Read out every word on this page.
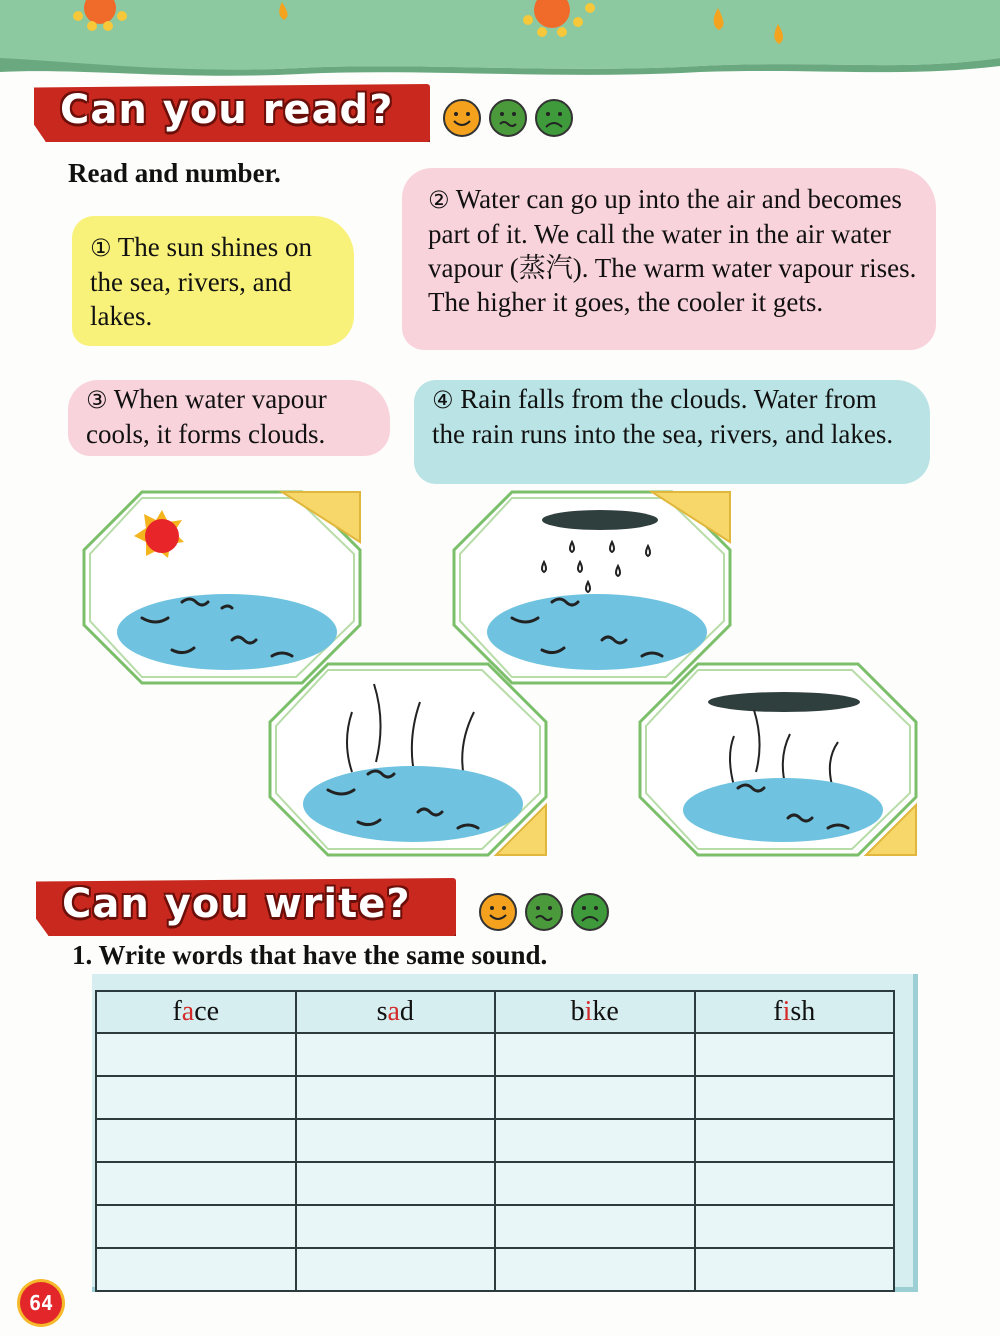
Can you read?
Read and number.
① The sun shines on the sea, rivers, and lakes.
② Water can go up into the air and becomes part of it. We call the water in the air water vapour (蒸汽). The warm water vapour rises. The higher it goes, the cooler it gets.
③ When water vapour cools, it forms clouds.
④ Rain falls from the clouds. Water from the rain runs into the sea, rivers, and lakes.
Can you write?
1. Write words that have the same sound.
face	sad	bike	fish

64
